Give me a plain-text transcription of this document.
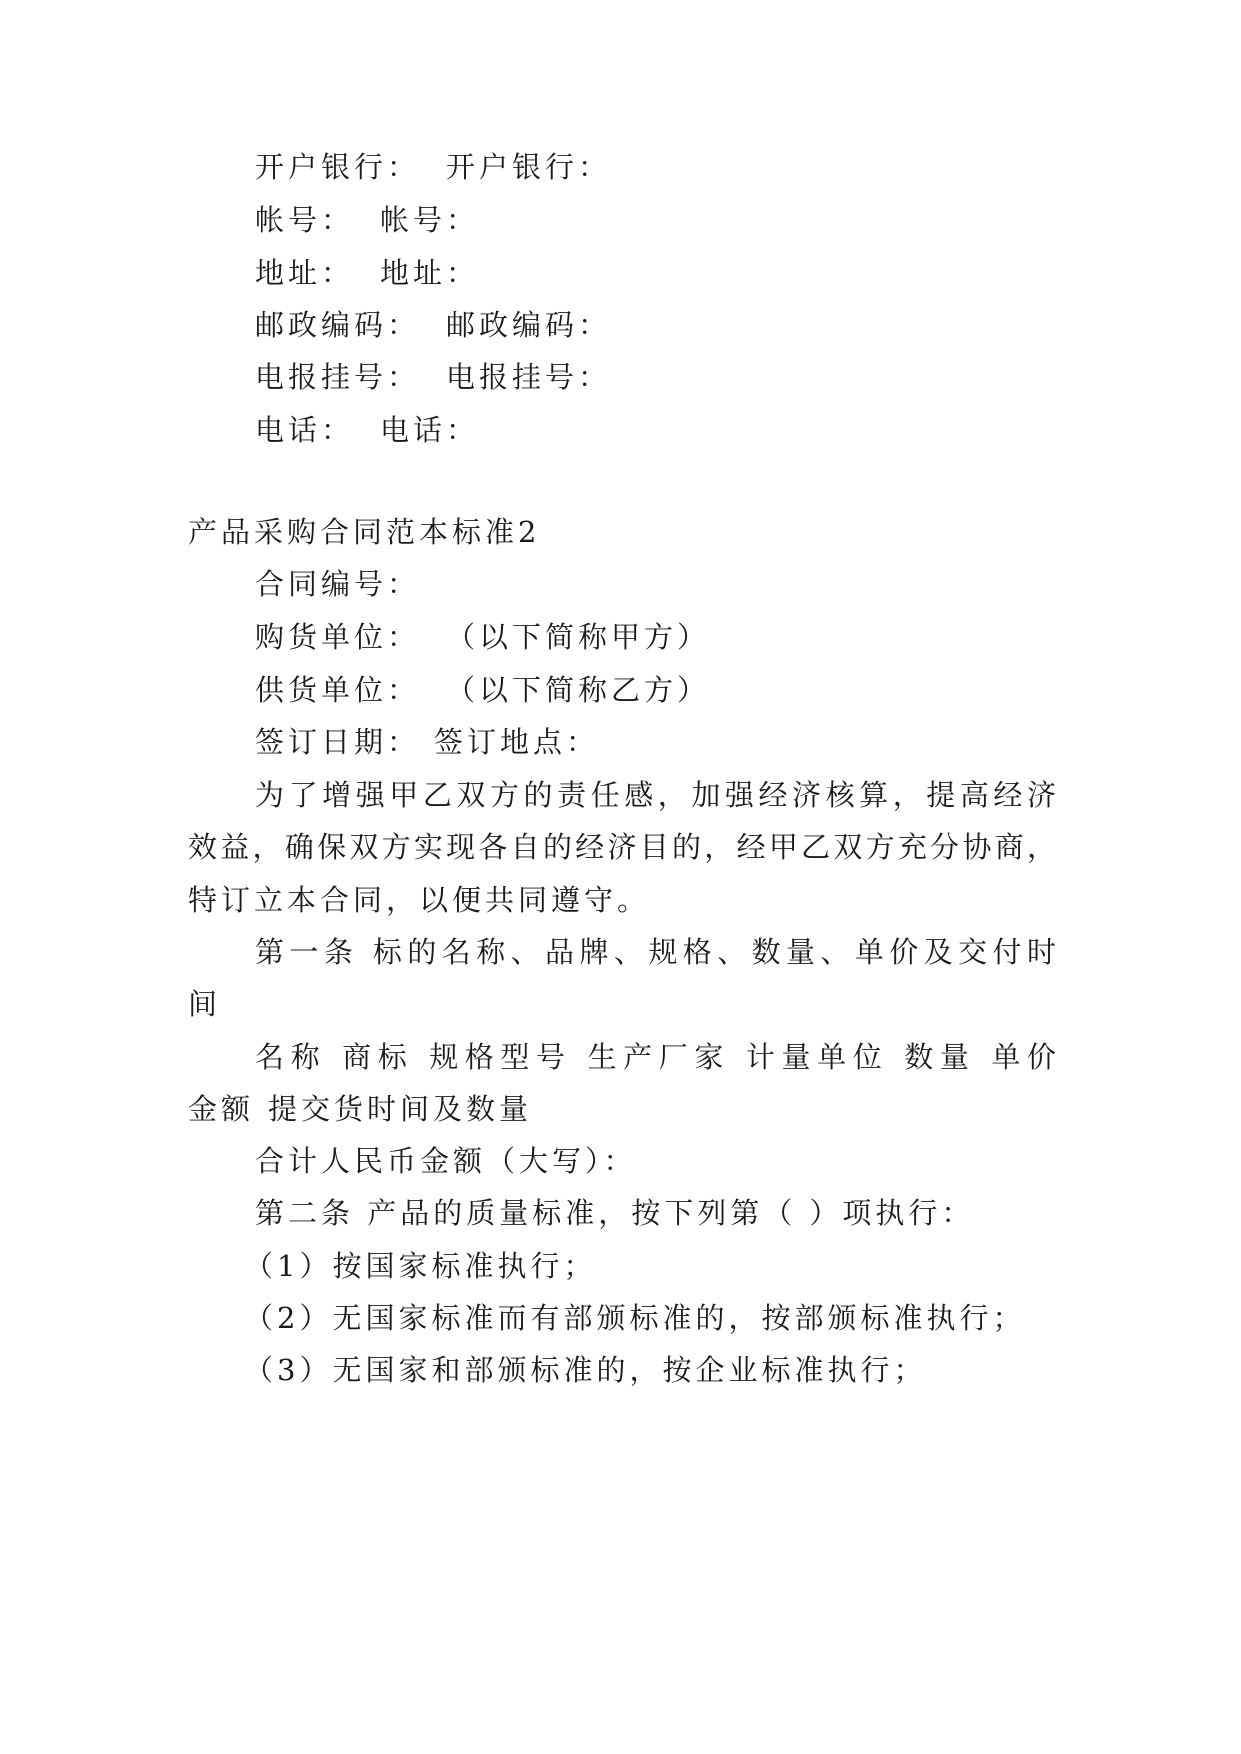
开户银行： 开户银行：
帐号： 帐号：
地址： 地址：
邮政编码： 邮政编码：
电报挂号： 电报挂号：
电话： 电话：
产品采购合同范本标准2
合同编号：
购货单位： （以下简称甲方）
供货单位： （以下简称乙方）
签订日期： 签订地点：
为了增强甲乙双方的责任感，加强经济核算，提高经济
效益，确保双方实现各自的经济目的，经甲乙双方充分协商，
特订立本合同，以便共同遵守。
第一条 标的名称、品牌、规格、数量、单价及交付时
间
名称 商标 规格型号 生产厂家 计量单位 数量 单价
金额 提交货时间及数量
合计人民币金额（大写）：
第二条 产品的质量标准，按下列第（ ）项执行：
（1）按国家标准执行；
（2）无国家标准而有部颁标准的，按部颁标准执行；
（3）无国家和部颁标准的，按企业标准执行；
